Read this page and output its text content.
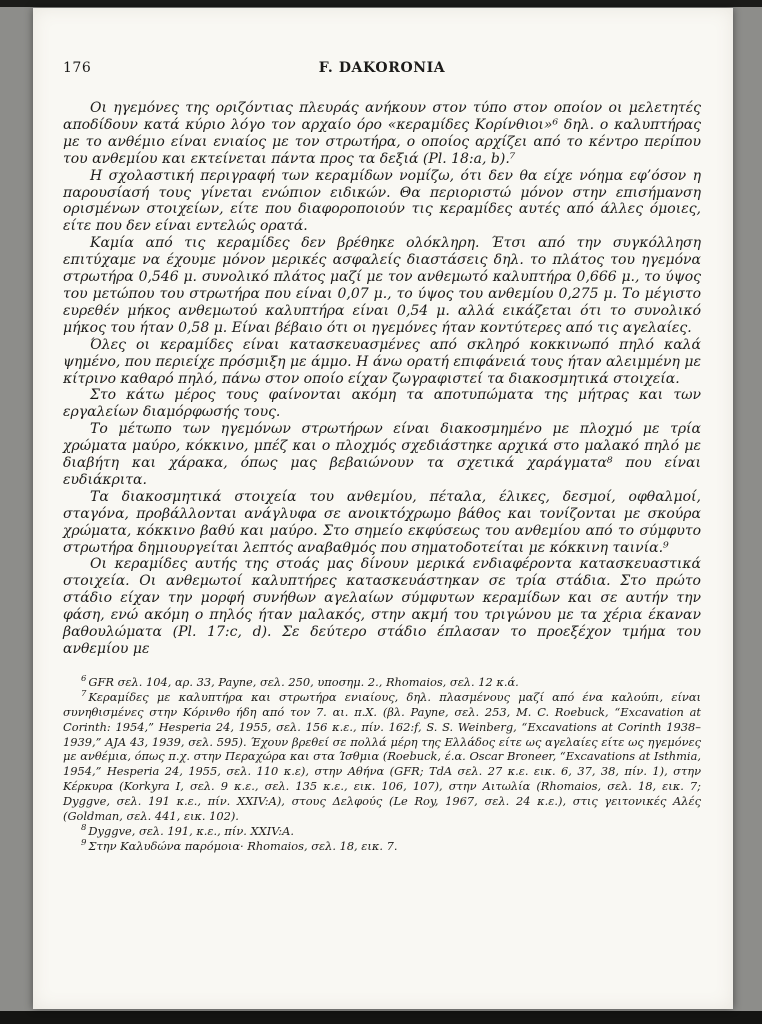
176	F. DAKORONIA

Οι ηγεμόνες της οριζόντιας πλευράς ανήκουν στον τύπο στον οποίον οι μελετητές αποδίδουν κατά κύριο λόγο τον αρχαίο όρο «κεραμίδες Κορίνθιοι»⁶ δηλ. ο καλυπτήρας με το ανθέμιο είναι ενιαίος με τον στρωτήρα, ο οποίος αρχίζει από το κέντρο περίπου του ανθεμίου και εκτείνεται πάντα προς τα δεξιά (Pl. 18:a, b).⁷

Η σχολαστική περιγραφή των κεραμίδων νομίζω, ότι δεν θα είχε νόημα εφ’όσον η παρουσίασή τους γίνεται ενώπιον ειδικών. Θα περιοριστώ μόνον στην επισήμανση ορισμένων στοιχείων, είτε που διαφοροποιούν τις κεραμίδες αυτές από άλλες όμοιες, είτε που δεν είναι εντελώς ορατά.

Καμία από τις κεραμίδες δεν βρέθηκε ολόκληρη. Έτσι από την συγκόλληση επιτύχαμε να έχουμε μόνον μερικές ασφαλείς διαστάσεις δηλ. το πλάτος του ηγεμόνα στρωτήρα 0,546 μ. συνολικό πλάτος μαζί με τον ανθεμωτό καλυπτήρα 0,666 μ., το ύψος του μετώπου του στρωτήρα που είναι 0,07 μ., το ύψος του ανθεμίου 0,275 μ. Το μέγιστο ευρεθέν μήκος ανθεμωτού καλυπτήρα είναι 0,54 μ. αλλά εικάζεται ότι το συνολικό μήκος του ήταν 0,58 μ. Είναι βέβαιο ότι οι ηγεμόνες ήταν κοντύτερες από τις αγελαίες.

Όλες οι κεραμίδες είναι κατασκευασμένες από σκληρό κοκκινωπό πηλό καλά ψημένο, που περιείχε πρόσμιξη με άμμο. Η άνω ορατή επιφάνειά τους ήταν αλειμμένη με κίτρινο καθαρό πηλό, πάνω στον οποίο είχαν ζωγραφιστεί τα διακοσμητικά στοιχεία.

Στο κάτω μέρος τους φαίνονται ακόμη τα αποτυπώματα της μήτρας και των εργαλείων διαμόρφωσής τους.

Το μέτωπο των ηγεμόνων στρωτήρων είναι διακοσμημένο με πλοχμό με τρία χρώματα μαύρο, κόκκινο, μπέζ και ο πλοχμός σχεδιάστηκε αρχικά στο μαλακό πηλό με διαβήτη και χάρακα, όπως μας βεβαιώνουν τα σχετικά χαράγματα⁸ που είναι ευδιάκριτα.

Τα διακοσμητικά στοιχεία του ανθεμίου, πέταλα, έλικες, δεσμοί, οφθαλμοί, σταγόνα, προβάλλονται ανάγλυφα σε ανοικτόχρωμο βάθος και τονίζονται με σκούρα χρώματα, κόκκινο βαθύ και μαύρο. Στο σημείο εκφύσεως του ανθεμίου από το σύμφυτο στρωτήρα δημιουργείται λεπτός αναβαθμός που σηματοδοτείται με κόκκινη ταινία.⁹

Οι κεραμίδες αυτής της στοάς μας δίνουν μερικά ενδιαφέροντα κατασκευαστικά στοιχεία. Οι ανθεμωτοί καλυπτήρες κατασκευάστηκαν σε τρία στάδια. Στο πρώτο στάδιο είχαν την μορφή συνήθων αγελαίων σύμφυτων κεραμίδων και σε αυτήν την φάση, ενώ ακόμη ο πηλός ήταν μαλακός, στην ακμή του τριγώνου με τα χέρια έκαναν βαθουλώματα (Pl. 17:c, d). Σε δεύτερο στάδιο έπλασαν το προεξέχον τμήμα του ανθεμίου με

$^6$ GFR σελ. 104, αρ. 33, Payne, σελ. 250, υποσημ. 2., Rhomaios, σελ. 12 κ.ά.

$^7$ Κεραμίδες με καλυπτήρα και στρωτήρα ενιαίους, δηλ. πλασμένους μαζί από ένα καλούπι, είναι συνηθισμένες στην Κόρινθο ήδη από τον 7. αι. π.Χ. (βλ. Payne, σελ. 253, M. C. Roebuck, “Excavation at Corinth: 1954,” Hesperia 24, 1955, σελ. 156 κ.ε., πίν. 162:f, S. S. Weinberg, “Excavations at Corinth 1938–1939,” AJA 43, 1939, σελ. 595). Έχουν βρεθεί σε πολλά μέρη της Ελλάδος είτε ως αγελαίες είτε ως ηγεμόνες με ανθέμια, όπως π.χ. στην Περαχώρα και στα Ίσθμια (Roebuck, έ.α. Oscar Broneer, “Excavations at Isthmia, 1954,” Hesperia 24, 1955, σελ. 110 κ.ε), στην Αθήνα (GFR; TdA σελ. 27 κ.ε. εικ. 6, 37, 38, πίν. 1), στην Κέρκυρα (Korkyra I, σελ. 9 κ.ε., σελ. 135 κ.ε., εικ. 106, 107), στην Αιτωλία (Rhomaios, σελ. 18, εικ. 7; Dyggve, σελ. 191 κ.ε., πίν. XXIV:A), στους Δελφούς (Le Roy, 1967, σελ. 24 κ.ε.), στις γειτονικές Αλές (Goldman, σελ. 441, εικ. 102).

$^8$ Dyggve, σελ. 191, κ.ε., πίν. XXIV:Α.

$^9$ Στην Καλυδώνα παρόμοια· Rhomaios, σελ. 18, εικ. 7.
